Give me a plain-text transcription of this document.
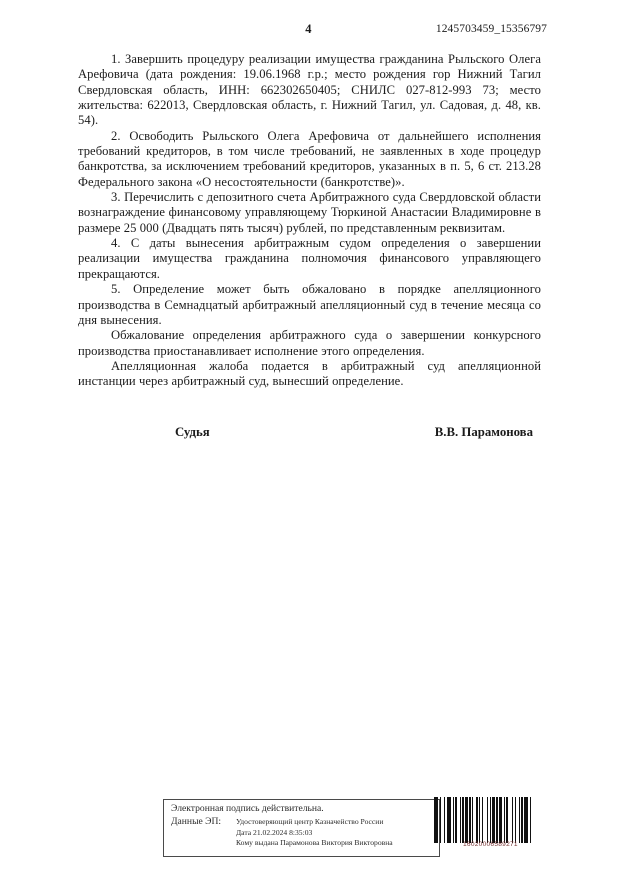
4	1245703459_15356797

1. Завершить процедуру реализации имущества гражданина Рыльского Олега Арефовича (дата рождения: 19.06.1968 г.р.; место рождения гор Нижний Тагил Свердловская область, ИНН: 662302650405; СНИЛС 027-812-993 73; место жительства: 622013, Свердловская область, г. Нижний Тагил, ул. Садовая, д. 48, кв. 54).

2. Освободить Рыльского Олега Арефовича от дальнейшего исполнения требований кредиторов, в том числе требований, не заявленных в ходе процедур банкротства, за исключением требований кредиторов, указанных в п. 5, 6 ст. 213.28 Федерального закона «О несостоятельности (банкротстве)».

3. Перечислить с депозитного счета Арбитражного суда Свердловской области вознаграждение финансовому управляющему Тюркиной Анастасии Владимировне в размере 25 000 (Двадцать пять тысяч) рублей, по представленным реквизитам.

4. С даты вынесения арбитражным судом определения о завершении реализации имущества гражданина полномочия финансового управляющего прекращаются.

5. Определение может быть обжаловано в порядке апелляционного производства в Семнадцатый арбитражный апелляционный суд в течение месяца со дня вынесения.

Обжалование определения арбитражного суда о завершении конкурсного производства приостанавливает исполнение этого определения.

Апелляционная жалоба подается в арбитражный суд апелляционной инстанции через арбитражный суд, вынесший определение.

Судья	В.В. Парамонова
Электронная подпись действительна.
Данные ЭП: Удостоверяющий центр Казначейство России
Дата 21.02.2024 8:35:03
Кому выдана Парамонова Виктория Викторовна	16020006589271
